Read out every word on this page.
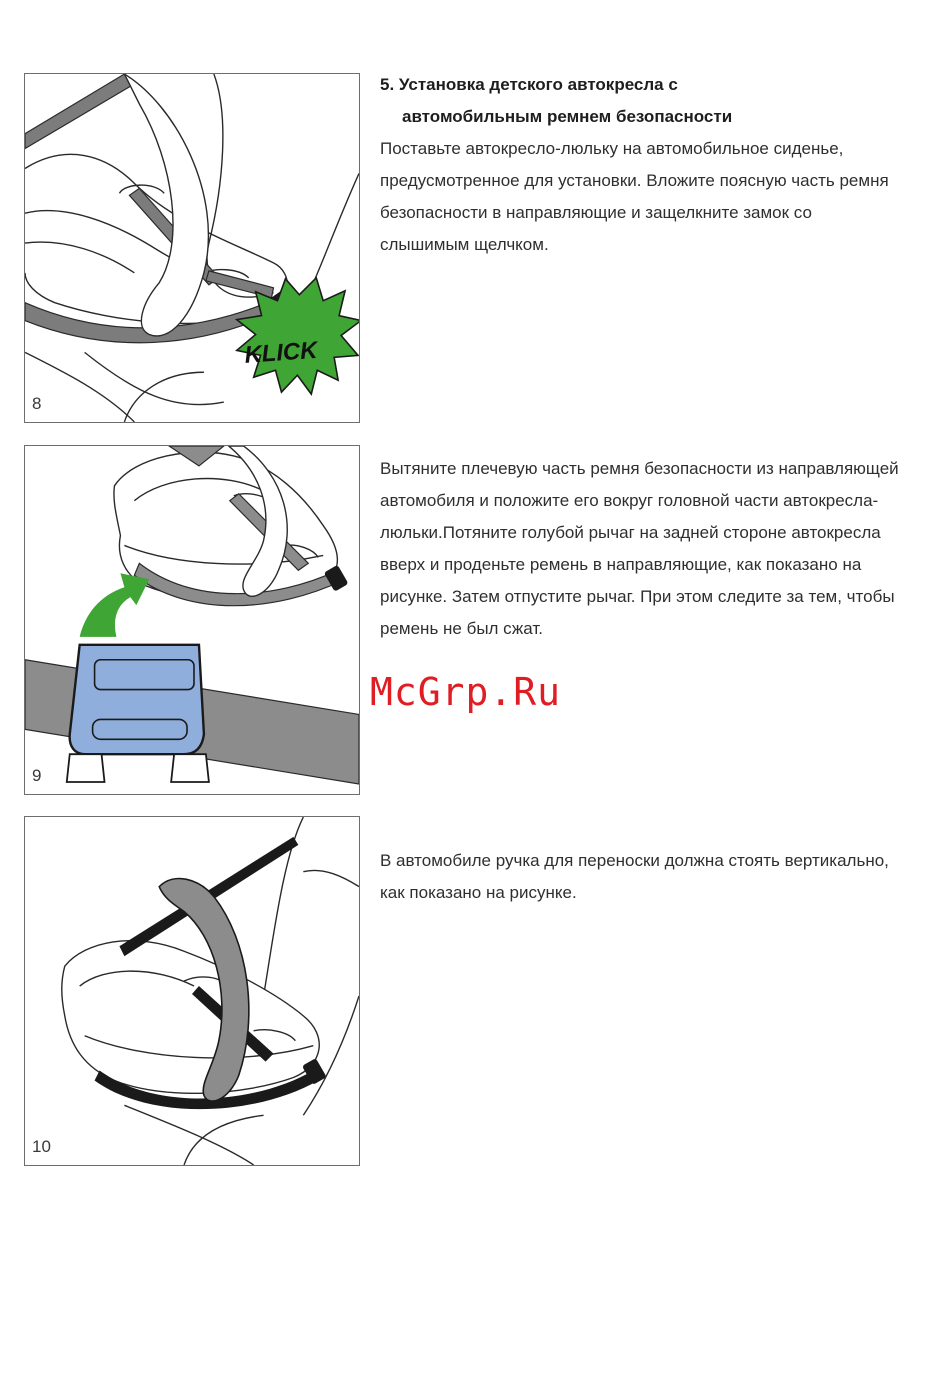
5. Установка детского автокресла с
автомобильным ремнем безопасности

Поставьте автокресло-люльку на автомобильное сиденье, предусмотренное для установки. Вложите поясную часть ремня безопасности в направляющие и защелкните замок со слышимым щелчком.

KLICK
8

Вытяните плечевую часть ремня безопасности из направляющей автомобиля и положите его вокруг головной части автокресла-люльки.Потяните голубой рычаг на задней стороне автокресла вверх и проденьте ремень в направляющие, как показано на рисунке. Затем отпустите рычаг. При этом следите за тем, чтобы ремень не был сжат.

9
McGrp.Ru

В автомобиле ручка для переноски должна стоять вертикально, как показано на рисунке.

10
